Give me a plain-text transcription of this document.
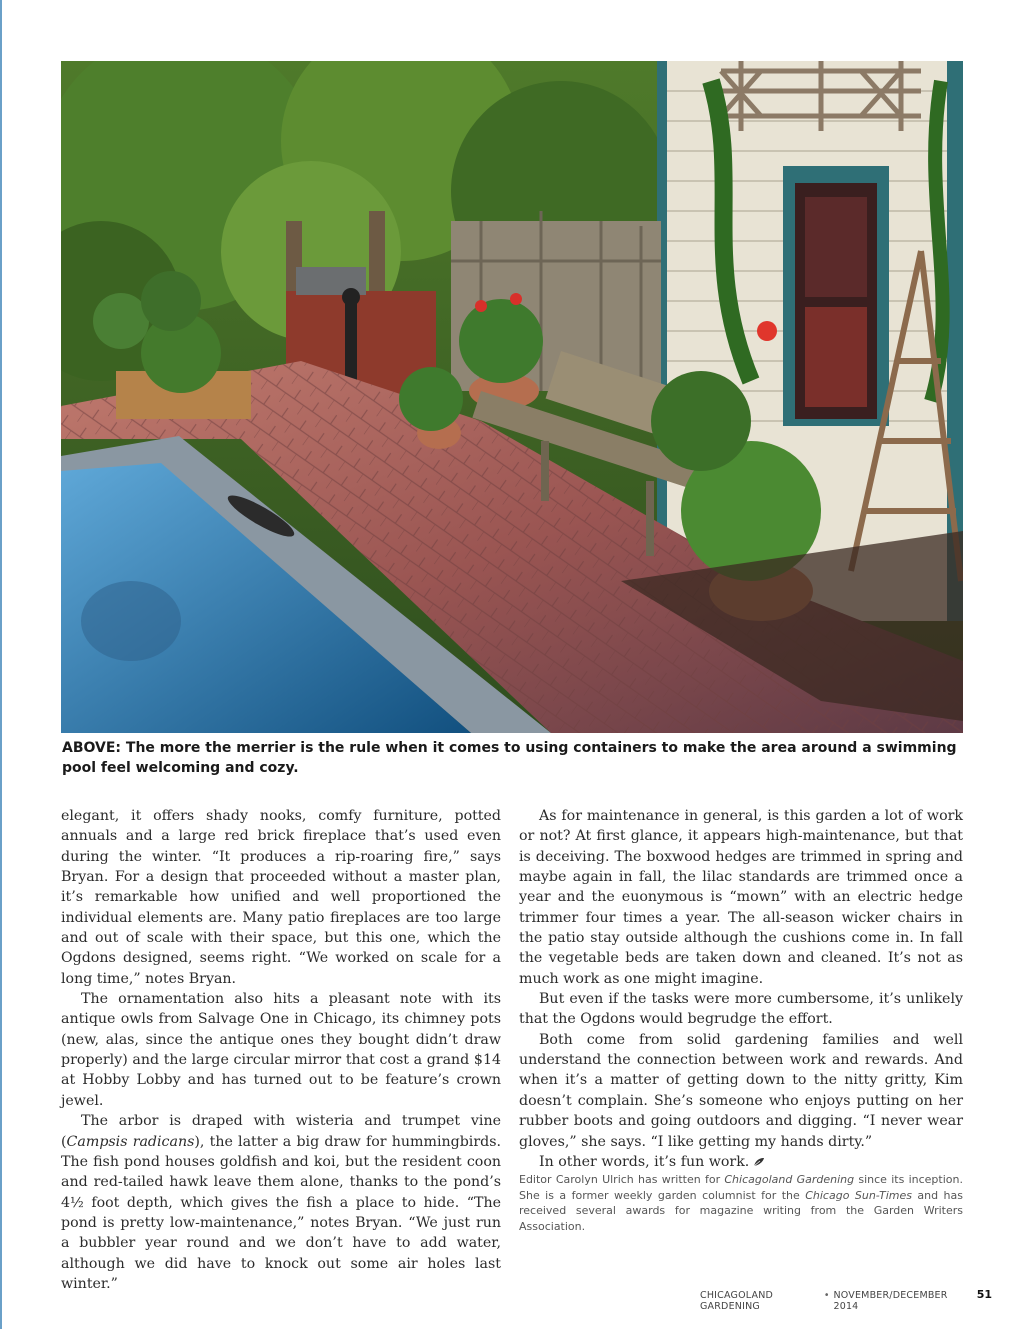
ABOVE: The more the merrier is the rule when it comes to using containers to make the area around a swimming pool feel welcoming and cozy.

elegant, it offers shady nooks, comfy furniture, potted annuals and a large red brick fireplace that’s used even during the winter. “It produces a rip-roaring fire,” says Bryan. For a design that proceeded without a master plan, it’s remarkable how unified and well proportioned the individual elements are. Many patio fireplaces are too large and out of scale with their space, but this one, which the Ogdons designed, seems right. “We worked on scale for a long time,” notes Bryan.

The ornamentation also hits a pleasant note with its antique owls from Salvage One in Chicago, its chimney pots (new, alas, since the antique ones they bought didn’t draw properly) and the large circular mirror that cost a grand $14 at Hobby Lobby and has turned out to be feature’s crown jewel.

The arbor is draped with wisteria and trumpet vine (Campsis radicans), the latter a big draw for hummingbirds. The fish pond houses goldfish and koi, but the resident coon and red-tailed hawk leave them alone, thanks to the pond’s 4½ foot depth, which gives the fish a place to hide. “The pond is pretty low-maintenance,” notes Bryan. “We just run a bubbler year round and we don’t have to add water, although we did have to knock out some air holes last winter.”

As for maintenance in general, is this garden a lot of work or not? At first glance, it appears high-maintenance, but that is deceiving. The boxwood hedges are trimmed in spring and maybe again in fall, the lilac standards are trimmed once a year and the euonymous is “mown” with an electric hedge trimmer four times a year. The all-season wicker chairs in the patio stay outside although the cushions come in. In fall the vegetable beds are taken down and cleaned. It’s not as much work as one might imagine.

But even if the tasks were more cumbersome, it’s unlikely that the Ogdons would begrudge the effort.

Both come from solid gardening families and well understand the connection between work and rewards. And when it’s a matter of getting down to the nitty gritty, Kim doesn’t complain. She’s someone who enjoys putting on her rubber boots and going outdoors and digging. “I never wear gloves,” she says. “I like getting my hands dirty.”

In other words, it’s fun work.

Editor Carolyn Ulrich has written for Chicagoland Gardening since its inception. She is a former weekly garden columnist for the Chicago Sun-Times and has received several awards for magazine writing from the Garden Writers Association.

CHICAGOLAND GARDENING
• NOVEMBER/DECEMBER 2014
51
